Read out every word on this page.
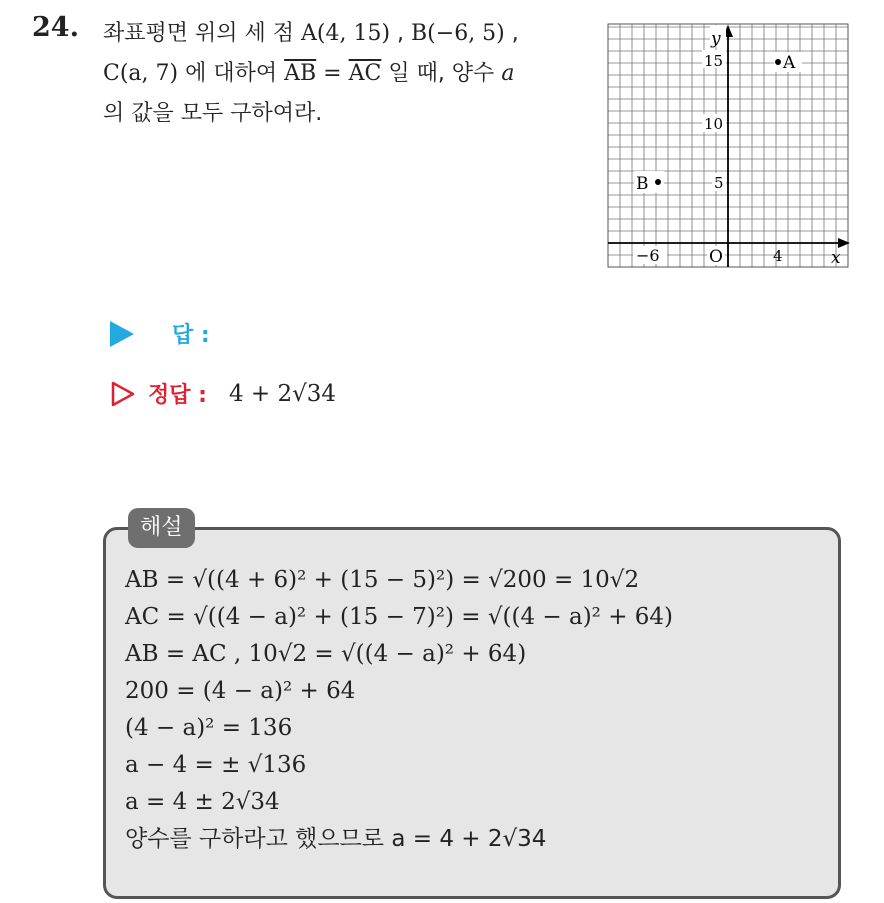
24. 좌표평면 위의 세 점 A(4, 15) , B(−6, 5) ,
C(a, 7) 에 대하여 $\overline{AB} = \overline{AC}$ 일 때, 양수 a
의 값을 모두 구하여라.
−6	O	4	x
15
10
5
y
A
B
답 :
정답 : 4 + 2√34
해설
AB = √((4 + 6)² + (15 − 5)²) = √200 = 10√2
AC = √((4 − a)² + (15 − 7)²) = √((4 − a)² + 64)
AB = AC , 10√2 = √((4 − a)² + 64)
200 = (4 − a)² + 64
(4 − a)² = 136
a − 4 = ± √136
a = 4 ± 2√34
양수를 구하라고 했으므로 a = 4 + 2√34
